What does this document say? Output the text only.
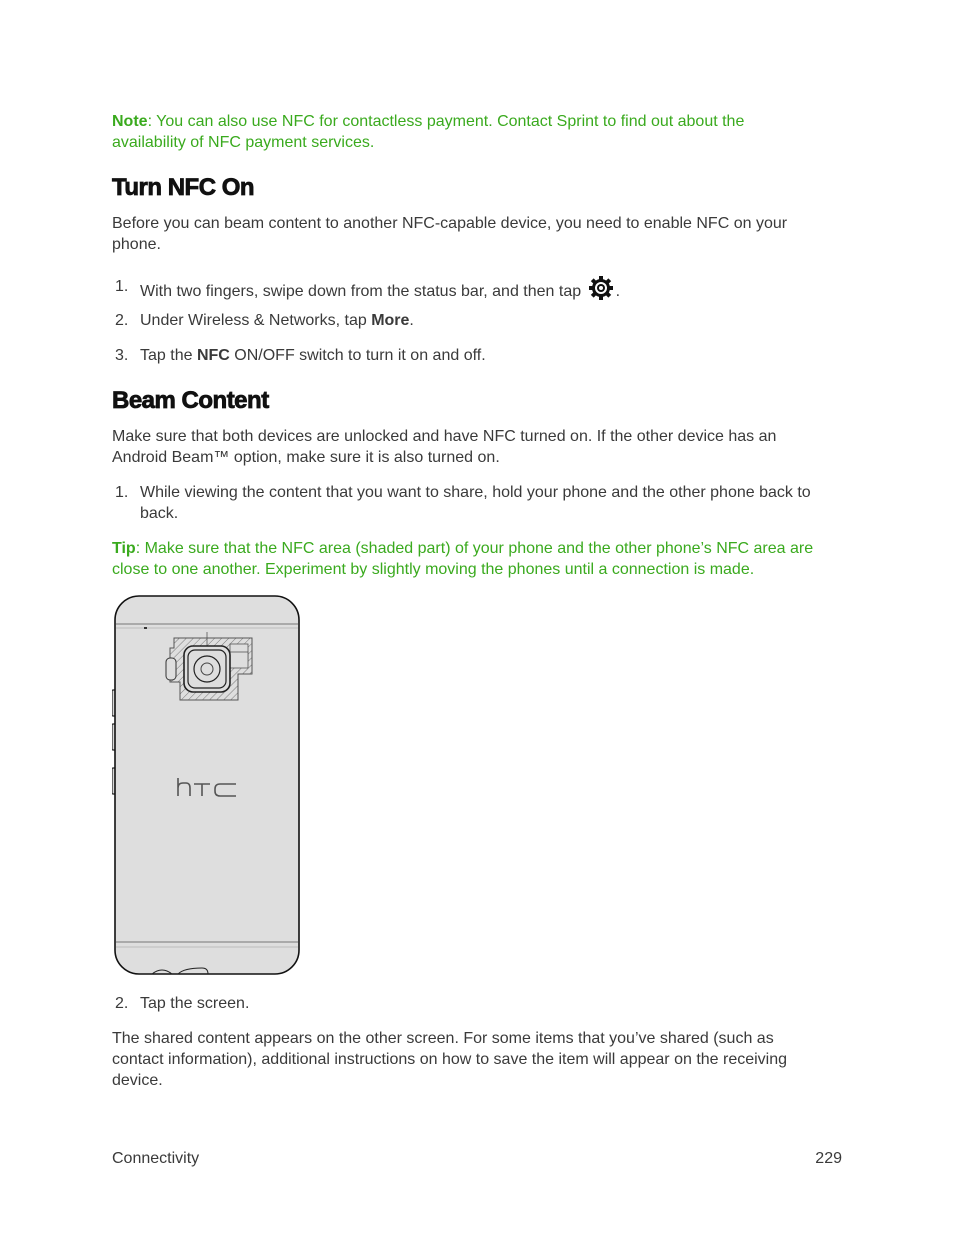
Note: You can also use NFC for contactless payment. Contact Sprint to find out about the availability of NFC payment services.

Turn NFC On

Before you can beam content to another NFC-capable device, you need to enable NFC on your phone.

1. With two fingers, swipe down from the status bar, and then tap .
2. Under Wireless & Networks, tap More.
3. Tap the NFC ON/OFF switch to turn it on and off.
Beam Content

Make sure that both devices are unlocked and have NFC turned on. If the other device has an Android Beam™ option, make sure it is also turned on.

1. While viewing the content that you want to share, hold your phone and the other phone back to back.

Tip: Make sure that the NFC area (shaded part) of your phone and the other phone’s NFC area are close to one another. Experiment by slightly moving the phones until a connection is made.

2. Tap the screen.

The shared content appears on the other screen. For some items that you’ve shared (such as contact information), additional instructions on how to save the item will appear on the receiving device.

Connectivity	229
